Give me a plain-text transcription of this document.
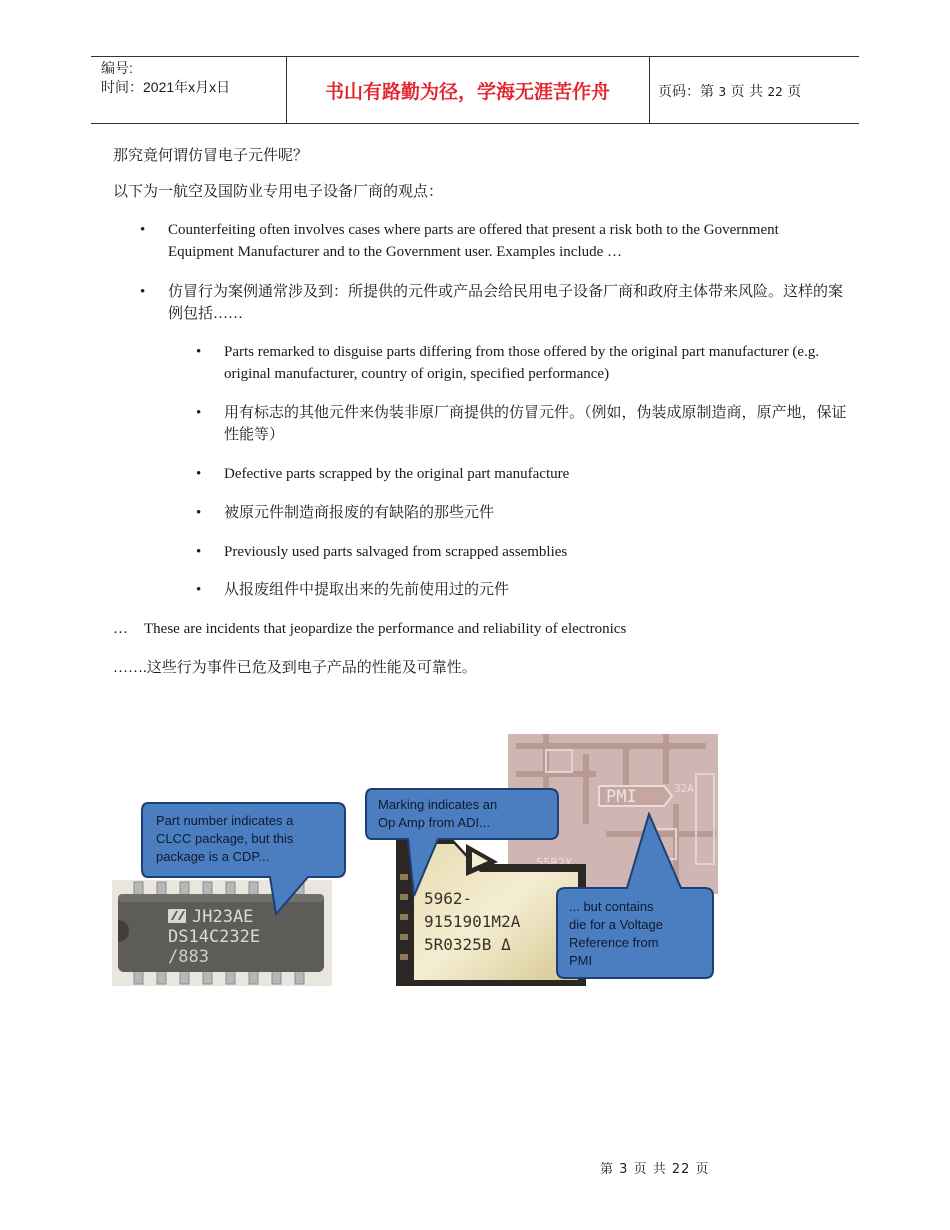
编号:
时间：2021年x月x日	书山有路勤为径，学海无涯苦作舟	页码：第 3 页 共 22 页
那究竟何谓仿冒电子元件呢？
以下为一航空及国防业专用电子设备厂商的观点：
• Counterfeiting often involves cases where parts are offered that present a risk both to the Government Equipment Manufacturer and to the Government user. Examples include …
• 仿冒行为案例通常涉及到：所提供的元件或产品会给民用电子设备厂商和政府主体带来风险。这样的案例包括……
• Parts remarked to disguise parts differing from those offered by the original part manufacturer (e.g. original manufacturer, country of origin, specified performance)
• 用有标志的其他元件来伪装非原厂商提供的仿冒元件。（例如，伪装成原制造商，原产地，保证性能等）
• Defective parts scrapped by the original part manufacture
• 被原元件制造商报废的有缺陷的那些元件
• Previously used parts salvaged from scrapped assemblies
• 从报废组件中提取出来的先前使用过的元件
… These are incidents that jeopardize the performance and reliability of electronics
…….这些行为事件已危及到电子产品的性能及可靠性。
JH23AE
DS14C232E
/883
Part number indicates a
CLCC package, but this
package is a CDP...
PMI	32A
55R2X
5962-
9151901M2A
5R0325B Δ
Marking indicates an
Op Amp from ADI...
... but contains
die for a Voltage
Reference from
PMI
第 3 页 共 22 页
